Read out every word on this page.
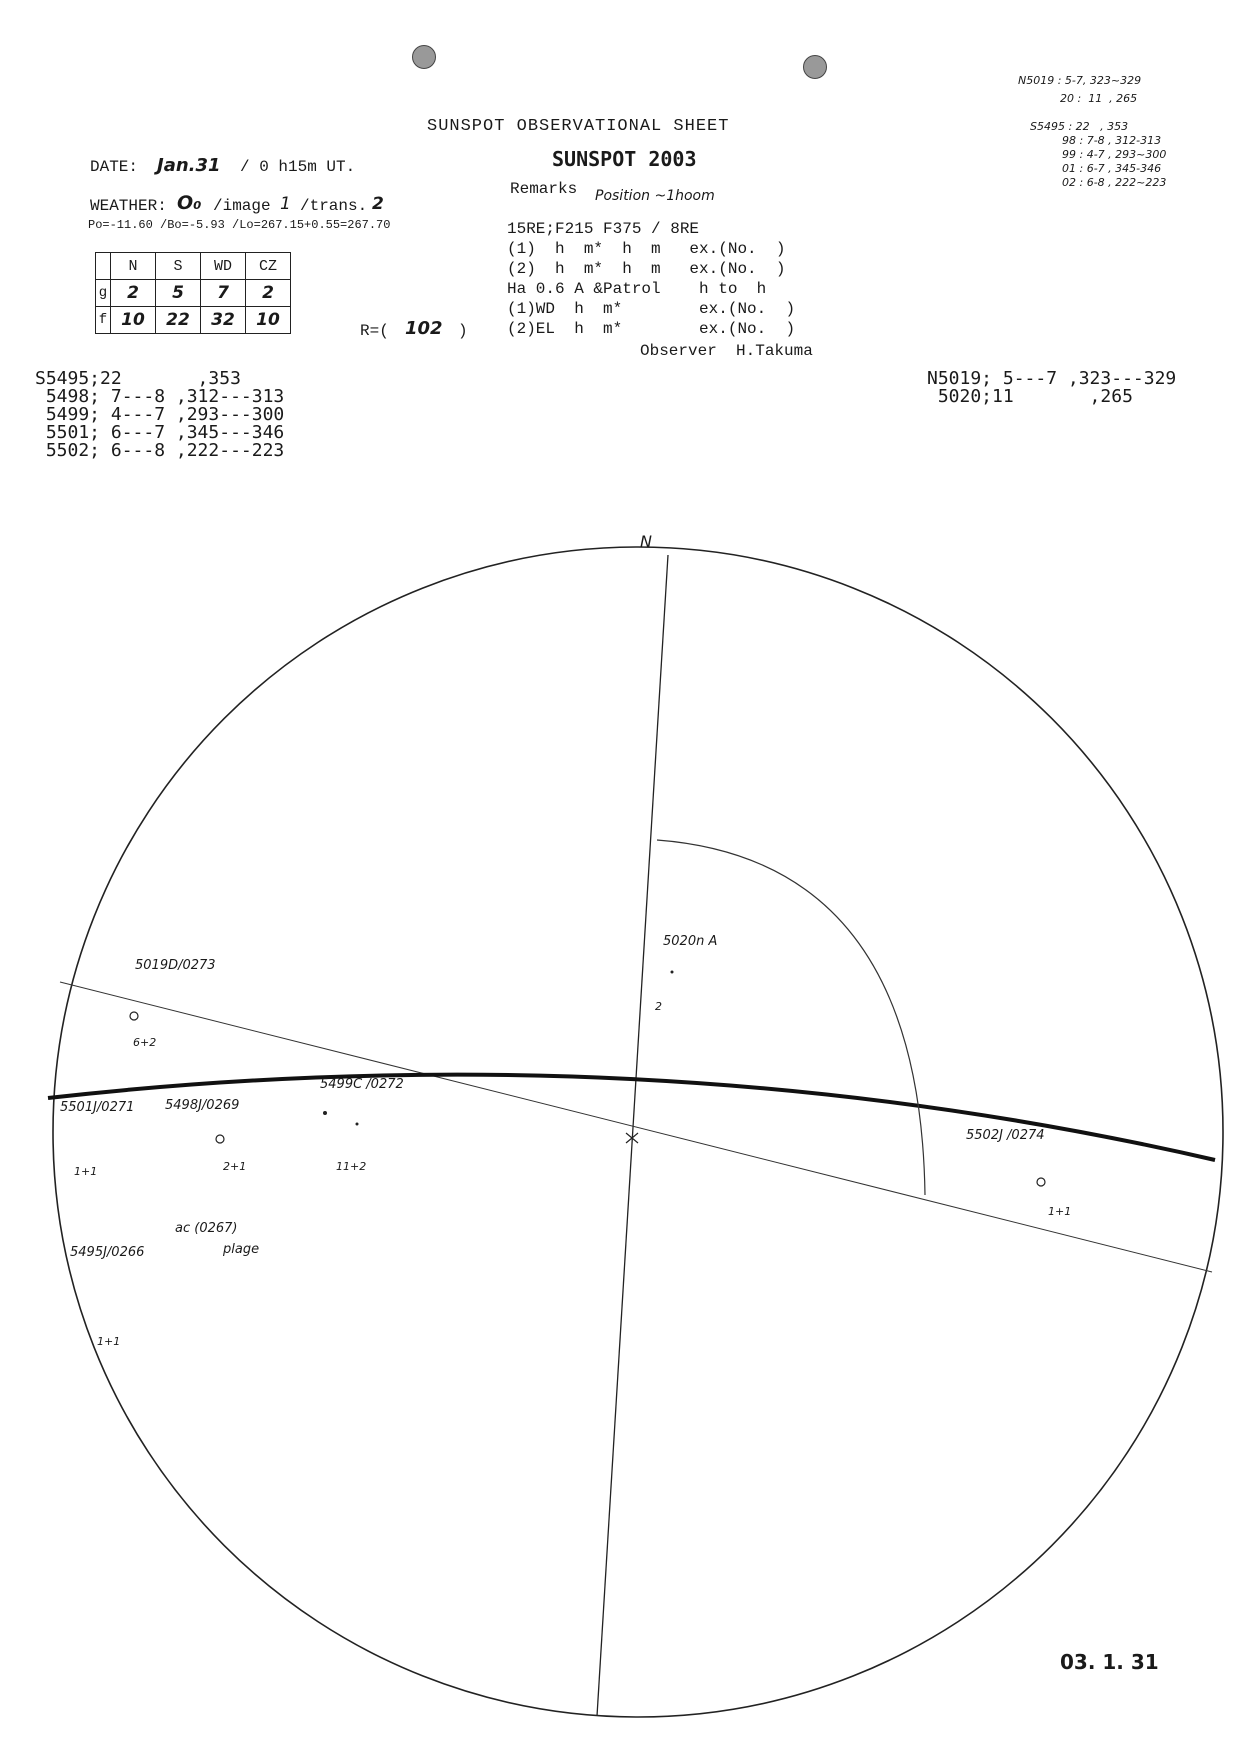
SUNSPOT OBSERVATIONAL SHEET
SUNSPOT 2003
DATE: Jan.31 / 0 h15m UT.
WEATHER: O₀ /image 1 /trans. 2
Po=-11.60 /Bo=-5.93 /Lo=267.15+0.55=267.70
	N	S	WD	CZ
g	2	5	7	2
f	10	22	32	10
R=( 102 )
Remarks Position ~1hoom
15RE;F215 F375 / 8RE
(1)  h  m*  h  m   ex.(No.  )
(2)  h  m*  h  m   ex.(No.  )
Ha 0.6 A &Patrol    h to  h
(1)WD  h  m*        ex.(No.  )
(2)EL  h  m*        ex.(No.  )
Observer  H.Takuma
N5019 : 5-7, 323~329
20 :  11  , 265
S5495 : 22   , 353
98 : 7-8 , 312-313
99 : 4-7 , 293~300
01 : 6-7 , 345-346
02 : 6-8 , 222~223
S5495;22       ,353
5498; 7---8 ,312---313
5499; 4---7 ,293---300
5501; 6---7 ,345---346
5502; 6---8 ,222---223
N5019; 5---7 ,323---329
5020;11       ,265
N
5020n A
2
5019D/0273
6+2
5501J/0271
1+1
5498J/0269
2+1
5499C /0272
11+2
ac (0267)
plage
5495J/0266
1+1
5502J /0274
1+1
03. 1. 31
